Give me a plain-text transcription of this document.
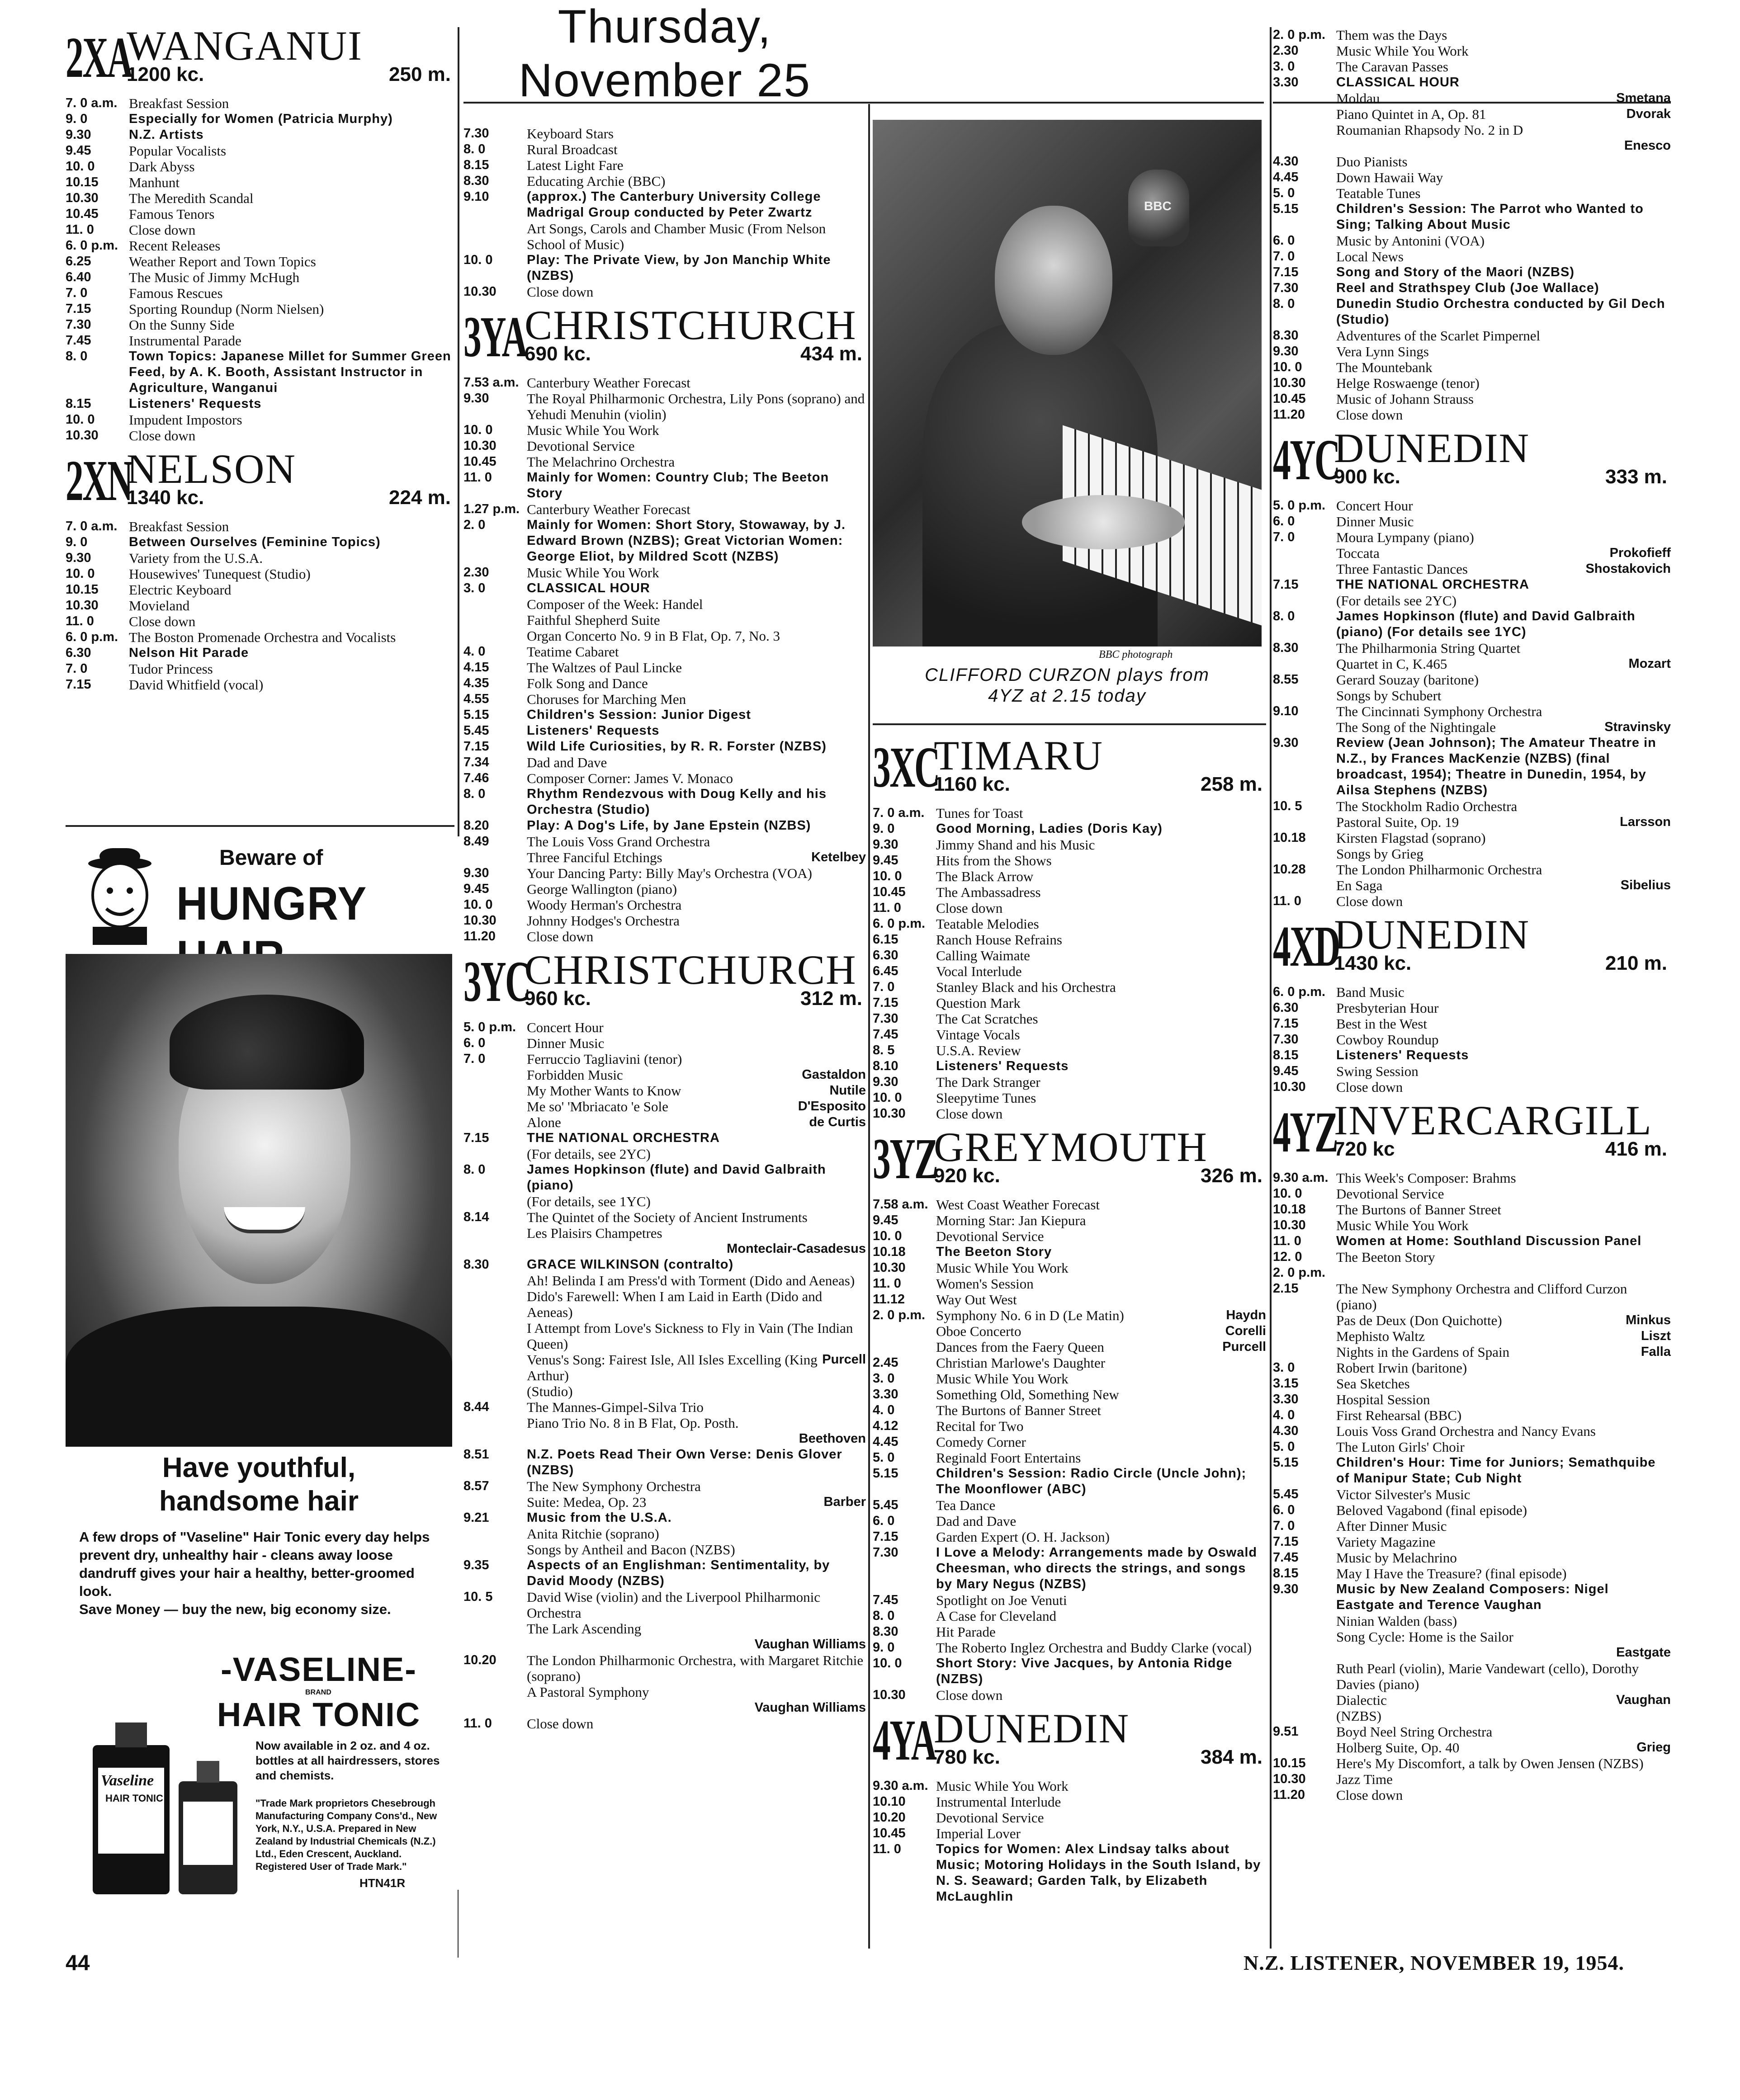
2XA
WANGANUI
1200 kc.	250 m.
7. 0 a.m. Breakfast Session
9. 0	Especially for Women (Patricia Murphy)
9.30	N.Z. Artists
9.45	Popular Vocalists
10. 0	Dark Abyss
10.15	Manhunt
10.30	The Meredith Scandal
10.45	Famous Tenors
11. 0	Close down
6. 0 p.m. Recent Releases
6.25	Weather Report and Town Topics
6.40	The Music of Jimmy McHugh
7. 0	Famous Rescues
7.15	Sporting Roundup (Norm Nielsen)
7.30	On the Sunny Side
7.45	Instrumental Parade
8. 0	Town Topics: Japanese Millet for Summer Green Feed, by A. K. Booth, Assistant Instructor in Agriculture, Wanganui
8.15	Listeners' Requests
10. 0	Impudent Impostors
10.30	Close down
2XN
NELSON
1340 kc.	224 m.
7. 0 a.m. Breakfast Session
9. 0	Between Ourselves (Feminine Topics)
9.30	Variety from the U.S.A.
10. 0	Housewives' Tunequest (Studio)
10.15	Electric Keyboard
10.30	Movieland
11. 0	Close down
6. 0 p.m. The Boston Promenade Orchestra and Vocalists
6.30	Nelson Hit Parade
7. 0	Tudor Princess
7.15	David Whitfield (vocal)
Thursday, November 25
7.30	Keyboard Stars
8. 0	Rural Broadcast
8.15	Latest Light Fare
8.30	Educating Archie (BBC)
9.10	(approx.) The Canterbury University College Madrigal Group conducted by Peter Zwartz
Art Songs, Carols and Chamber Music (From Nelson School of Music)
10. 0	Play: The Private View, by Jon Manchip White (NZBS)
10.30	Close down
3YA
CHRISTCHURCH
690 kc.	434 m.
7.53 a.m. Canterbury Weather Forecast
9.30	The Royal Philharmonic Orchestra, Lily Pons (soprano) and Yehudi Menuhin (violin)
10. 0	Music While You Work
10.30	Devotional Service
10.45	The Melachrino Orchestra
11. 0	Mainly for Women: Country Club; The Beeton Story
1.27 p.m. Canterbury Weather Forecast
2. 0	Mainly for Women: Short Story, Stowaway, by J. Edward Brown (NZBS); Great Victorian Women: George Eliot, by Mildred Scott (NZBS)
2.30	Music While You Work
3. 0	CLASSICAL HOUR
Composer of the Week: Handel
Faithful Shepherd Suite
Organ Concerto No. 9 in B Flat, Op. 7, No. 3
4. 0	Teatime Cabaret
4.15	The Waltzes of Paul Lincke
4.35	Folk Song and Dance
4.55	Choruses for Marching Men
5.15	Children's Session: Junior Digest
5.45	Listeners' Requests
7.15	Wild Life Curiosities, by R. R. Forster (NZBS)
7.34	Dad and Dave
7.46	Composer Corner: James V. Monaco
8. 0	Rhythm Rendezvous with Doug Kelly and his Orchestra (Studio)
8.20	Play: A Dog's Life, by Jane Epstein (NZBS)
8.49	The Louis Voss Grand Orchestra
Three Fanciful Etchings	Ketelbey
9.30	Your Dancing Party: Billy May's Orchestra (VOA)
9.45	George Wallington (piano)
10. 0	Woody Herman's Orchestra
10.30	Johnny Hodges's Orchestra
11.20	Close down
3YC
CHRISTCHURCH
960 kc.	312 m.
5. 0 p.m. Concert Hour
6. 0	Dinner Music
7. 0	Ferruccio Tagliavini (tenor)
Forbidden Music	Gastaldon
My Mother Wants to Know	Nutile
Me so' 'Mbriacato 'e Sole	D'Esposito
Alone	de Curtis
7.15	THE NATIONAL ORCHESTRA
(For details, see 2YC)
8. 0	James Hopkinson (flute) and David Galbraith (piano)
(For details, see 1YC)
8.14	The Quintet of the Society of Ancient Instruments
Les Plaisirs Champetres
Monteclair-Casadesus
8.30	GRACE WILKINSON (contralto)
Ah! Belinda I am Press'd with Torment (Dido and Aeneas)
Dido's Farewell: When I am Laid in Earth (Dido and Aeneas)
I Attempt from Love's Sickness to Fly in Vain (The Indian Queen)
Venus's Song: Fairest Isle, All Isles Excelling (King Arthur)
Purcell
(Studio)
8.44	The Mannes-Gimpel-Silva Trio
Piano Trio No. 8 in B Flat, Op. Posth.
Beethoven
8.51	N.Z. Poets Read Their Own Verse: Denis Glover (NZBS)
8.57	The New Symphony Orchestra
Suite: Medea, Op. 23	Barber
9.21	Music from the U.S.A.
Anita Ritchie (soprano)
Songs by Antheil and Bacon (NZBS)
9.35	Aspects of an Englishman: Sentimentality, by David Moody (NZBS)
10. 5	David Wise (violin) and the Liverpool Philharmonic Orchestra
The Lark Ascending
Vaughan Williams
10.20	The London Philharmonic Orchestra, with Margaret Ritchie (soprano)
A Pastoral Symphony
Vaughan Williams
11. 0	Close down
3XC
TIMARU
1160 kc.	258 m.
7. 0 a.m. Tunes for Toast
9. 0	Good Morning, Ladies (Doris Kay)
9.30	Jimmy Shand and his Music
9.45	Hits from the Shows
10. 0	The Black Arrow
10.45	The Ambassadress
11. 0	Close down
6. 0 p.m. Teatable Melodies
6.15	Ranch House Refrains
6.30	Calling Waimate
6.45	Vocal Interlude
7. 0	Stanley Black and his Orchestra
7.15	Question Mark
7.30	The Cat Scratches
7.45	Vintage Vocals
8. 5	U.S.A. Review
8.10	Listeners' Requests
9.30	The Dark Stranger
10. 0	Sleepytime Tunes
10.30	Close down
3YZ
GREYMOUTH
920 kc.	326 m.
7.58 a.m. West Coast Weather Forecast
9.45	Morning Star: Jan Kiepura
10. 0	Devotional Service
10.18	The Beeton Story
10.30	Music While You Work
11. 0	Women's Session
11.12	Way Out West
2. 0 p.m. Symphony No. 6 in D (Le Matin)	Haydn
Oboe Concerto	Corelli
Dances from the Faery Queen	Purcell
2.45	Christian Marlowe's Daughter
3. 0	Music While You Work
3.30	Something Old, Something New
4. 0	The Burtons of Banner Street
4.12	Recital for Two
4.45	Comedy Corner
5. 0	Reginald Foort Entertains
5.15	Children's Session: Radio Circle (Uncle John); The Moonflower (ABC)
5.45	Tea Dance
6. 0	Dad and Dave
7.15	Garden Expert (O. H. Jackson)
7.30	I Love a Melody: Arrangements made by Oswald Cheesman, who directs the strings, and songs by Mary Negus (NZBS)
7.45	Spotlight on Joe Venuti
8. 0	A Case for Cleveland
8.30	Hit Parade
9. 0	The Roberto Inglez Orchestra and Buddy Clarke (vocal)
10. 0	Short Story: Vive Jacques, by Antonia Ridge (NZBS)
10.30	Close down
4YA
DUNEDIN
780 kc.	384 m.
9.30 a.m. Music While You Work
10.10	Instrumental Interlude
10.20	Devotional Service
10.45	Imperial Lover
11. 0	Topics for Women: Alex Lindsay talks about Music; Motoring Holidays in the South Island, by N. S. Seaward; Garden Talk, by Elizabeth McLaughlin
2. 0 p.m. Them was the Days
2.30	Music While You Work
3. 0	The Caravan Passes
3.30	CLASSICAL HOUR
Moldau	Smetana
Piano Quintet in A, Op. 81	Dvorak
Roumanian Rhapsody No. 2 in D
Enesco
4.30	Duo Pianists
4.45	Down Hawaii Way
5. 0	Teatable Tunes
5.15	Children's Session: The Parrot who Wanted to Sing; Talking About Music
6. 0	Music by Antonini (VOA)
7. 0	Local News
7.15	Song and Story of the Maori (NZBS)
7.30	Reel and Strathspey Club (Joe Wallace)
8. 0	Dunedin Studio Orchestra conducted by Gil Dech (Studio)
8.30	Adventures of the Scarlet Pimpernel
9.30	Vera Lynn Sings
10. 0	The Mountebank
10.30	Helge Roswaenge (tenor)
10.45	Music of Johann Strauss
11.20	Close down
4YC
DUNEDIN
900 kc.	333 m.
5. 0 p.m. Concert Hour
6. 0	Dinner Music
7. 0	Moura Lympany (piano)
Toccata	Prokofieff
Three Fantastic Dances	Shostakovich
7.15	THE NATIONAL ORCHESTRA
(For details see 2YC)
8. 0	James Hopkinson (flute) and David Galbraith (piano) (For details see 1YC)
8.30	The Philharmonia String Quartet
Quartet in C, K.465	Mozart
8.55	Gerard Souzay (baritone)
Songs by Schubert
9.10	The Cincinnati Symphony Orchestra
The Song of the Nightingale	Stravinsky
9.30	Review (Jean Johnson); The Amateur Theatre in N.Z., by Frances MacKenzie (NZBS) (final broadcast, 1954); Theatre in Dunedin, 1954, by Ailsa Stephens (NZBS)
10. 5	The Stockholm Radio Orchestra
Pastoral Suite, Op. 19	Larsson
10.18	Kirsten Flagstad (soprano)
Songs by Grieg
10.28	The London Philharmonic Orchestra
En Saga	Sibelius
11. 0	Close down
4XD
DUNEDIN
1430 kc.	210 m.
6. 0 p.m. Band Music
6.30	Presbyterian Hour
7.15	Best in the West
7.30	Cowboy Roundup
8.15	Listeners' Requests
9.45	Swing Session
10.30	Close down
4YZ
INVERCARGILL
720 kc	416 m.
9.30 a.m. This Week's Composer: Brahms
10. 0	Devotional Service
10.18	The Burtons of Banner Street
10.30	Music While You Work
11. 0	Women at Home: Southland Discussion Panel
12. 0	The Beeton Story
2. 0 p.m.
2.15	The New Symphony Orchestra and Clifford Curzon (piano)
Pas de Deux (Don Quichotte)	Minkus
Mephisto Waltz	Liszt
Nights in the Gardens of Spain	Falla
3. 0	Robert Irwin (baritone)
3.15	Sea Sketches
3.30	Hospital Session
4. 0	First Rehearsal (BBC)
4.30	Louis Voss Grand Orchestra and Nancy Evans
5. 0	The Luton Girls' Choir
5.15	Children's Hour: Time for Juniors; Semathquibe of Manipur State; Cub Night
5.45	Victor Silvester's Music
6. 0	Beloved Vagabond (final episode)
7. 0	After Dinner Music
7.15	Variety Magazine
7.45	Music by Melachrino
8.15	May I Have the Treasure? (final episode)
9.30	Music by New Zealand Composers: Nigel Eastgate and Terence Vaughan
Ninian Walden (bass)
Song Cycle: Home is the Sailor
Eastgate
Ruth Pearl (violin), Marie Vandewart (cello), Dorothy Davies (piano)
Dialectic	Vaughan
(NZBS)
9.51	Boyd Neel String Orchestra
Holberg Suite, Op. 40	Grieg
10.15	Here's My Discomfort, a talk by Owen Jensen (NZBS)
10.30	Jazz Time
11.20	Close down
BBC
BBC photograph
CLIFFORD CURZON plays from
4YZ at 2.15 today
Beware of
HUNGRY
Have youthful,
handsome hair
A few drops of "Vaseline" Hair Tonic every day helps prevent dry, unhealthy hair - cleans away loose dandruff gives your hair a healthy, better-groomed look.
Save Money — buy the new, big economy size.
-VASELINE-
BRAND
HAIR TONIC
Now available in 2 oz. and 4 oz. bottles at all hairdressers, stores and chemists.
"Trade Mark proprietors Chesebrough Manufacturing Company Cons'd., New York, N.Y., U.S.A. Prepared in New Zealand by Industrial Chemicals (N.Z.) Ltd., Eden Crescent, Auckland. Registered User of Trade Mark."
Vaseline
HAIR TONIC
HTN41R
44	N.Z. LISTENER, NOVEMBER 19, 1954.
